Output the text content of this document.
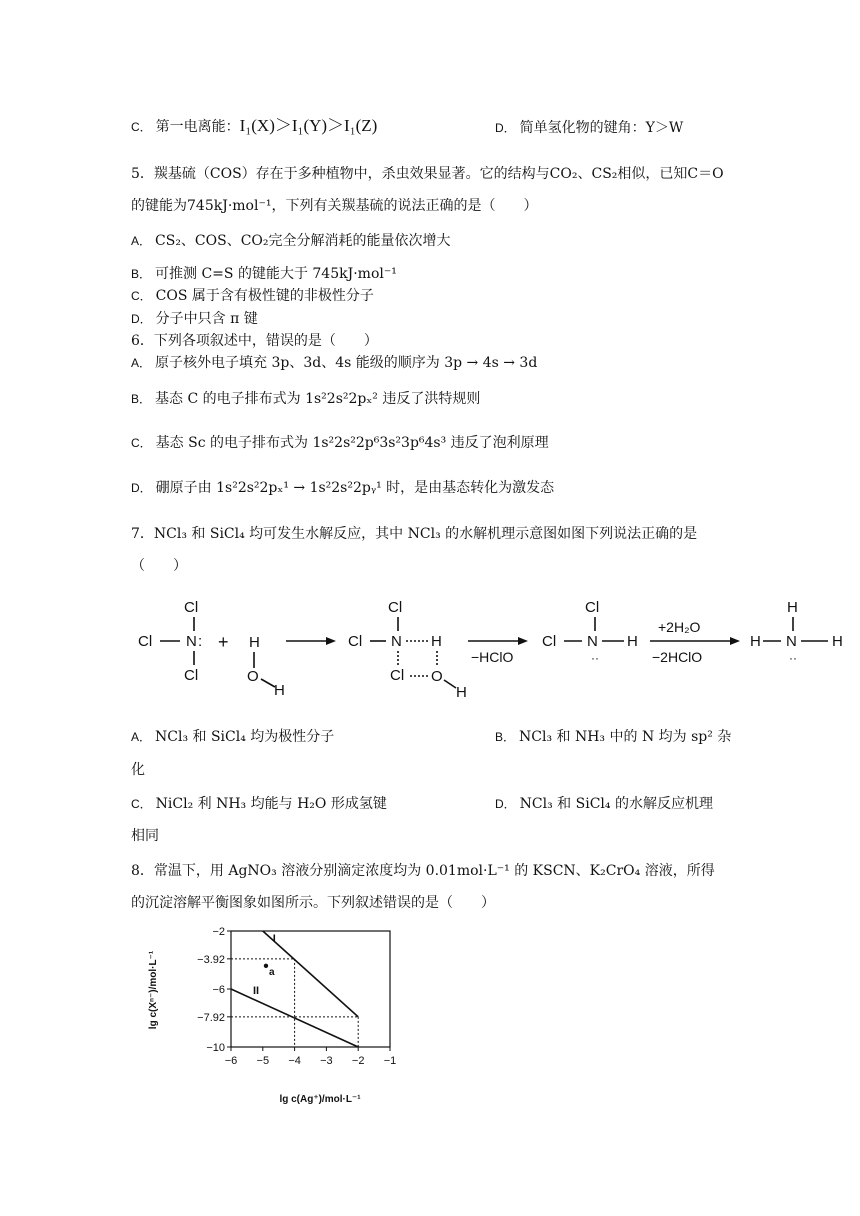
C． 第一电离能：I₁(X)＞I₁(Y)＞I₁(Z)	D． 简单氢化物的键角：Y＞W
5．羰基硫（COS）存在于多种植物中，杀虫效果显著。它的结构与CO₂、CS₂相似，已知C＝O
的键能为745kJ·mol⁻¹，下列有关羰基硫的说法正确的是（　　）
A． CS₂、COS、CO₂完全分解消耗的能量依次增大
B． 可推测 C=S 的键能大于 745kJ·mol⁻¹
C． COS 属于含有极性键的非极性分子
D． 分子中只含 π 键
6．下列各项叙述中，错误的是（　　）
A． 原子核外电子填充 3p、3d、4s 能级的顺序为 3p → 4s → 3d
B． 基态 C 的电子排布式为 1s²2s²2pₓ² 违反了洪特规则
C． 基态 Sc 的电子排布式为 1s²2s²2p⁶3s²3p⁶4s³ 违反了泡利原理
D． 硼原子由 1s²2s²2pₓ¹ → 1s²2s²2pᵧ¹ 时，是由基态转化为激发态
7．NCl₃ 和 SiCl₄ 均可发生水解反应，其中 NCl₃ 的水解机理示意图如图下列说法正确的是
（　　）
Cl
Cl N :
Cl
+ H
O
H
Cl
Cl N H
Cl O
H
−HClO
Cl
Cl N
··
H
+2H₂O
−2HClO
H
H N
··
H
A． NCl₃ 和 SiCl₄ 均为极性分子	B． NCl₃ 和 NH₃ 中的 N 均为 sp² 杂
化
C． NiCl₂ 利 NH₃ 均能与 H₂O 形成氢键	D． NCl₃ 和 SiCl₄ 的水解反应机理
相同
8．常温下，用 AgNO₃ 溶液分别滴定浓度均为 0.01mol·L⁻¹ 的 KSCN、K₂CrO₄ 溶液，所得
的沉淀溶解平衡图象如图所示。下列叙述错误的是（　　）
I
II
−2
−3.92
−6
−7.92
−10
−6 −5 −4 −3 −2 −1
a
lg c(Xⁿ⁻)/mol·L⁻¹
lg c(Ag⁺)/mol·L⁻¹
